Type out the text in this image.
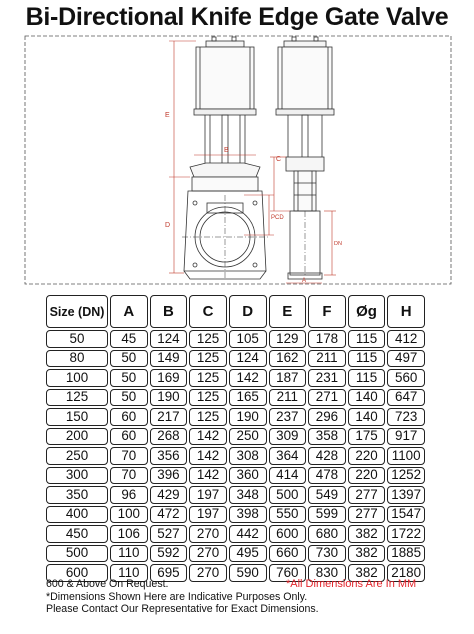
Bi-Directional Knife Edge Gate Valve
E
B
D
PCD
C
A
DN
Size (DN)	A	B	C	D	E	F	Øg	H
50	45	124	125	105	129	178	115	412
80	50	149	125	124	162	211	115	497
100	50	169	125	142	187	231	115	560
125	50	190	125	165	211	271	140	647
150	60	217	125	190	237	296	140	723
200	60	268	142	250	309	358	175	917
250	70	356	142	308	364	428	220	1100
300	70	396	142	360	414	478	220	1252
350	96	429	197	348	500	549	277	1397
400	100	472	197	398	550	599	277	1547
450	106	527	270	442	600	680	382	1722
500	110	592	270	495	660	730	382	1885
600	110	695	270	590	760	830	382	2180
600 & Above On Request.	*All Dimensions Are In MM
*Dimensions Shown Here are Indicative Purposes Only.
Please Contact Our Representative for Exact Dimensions.
